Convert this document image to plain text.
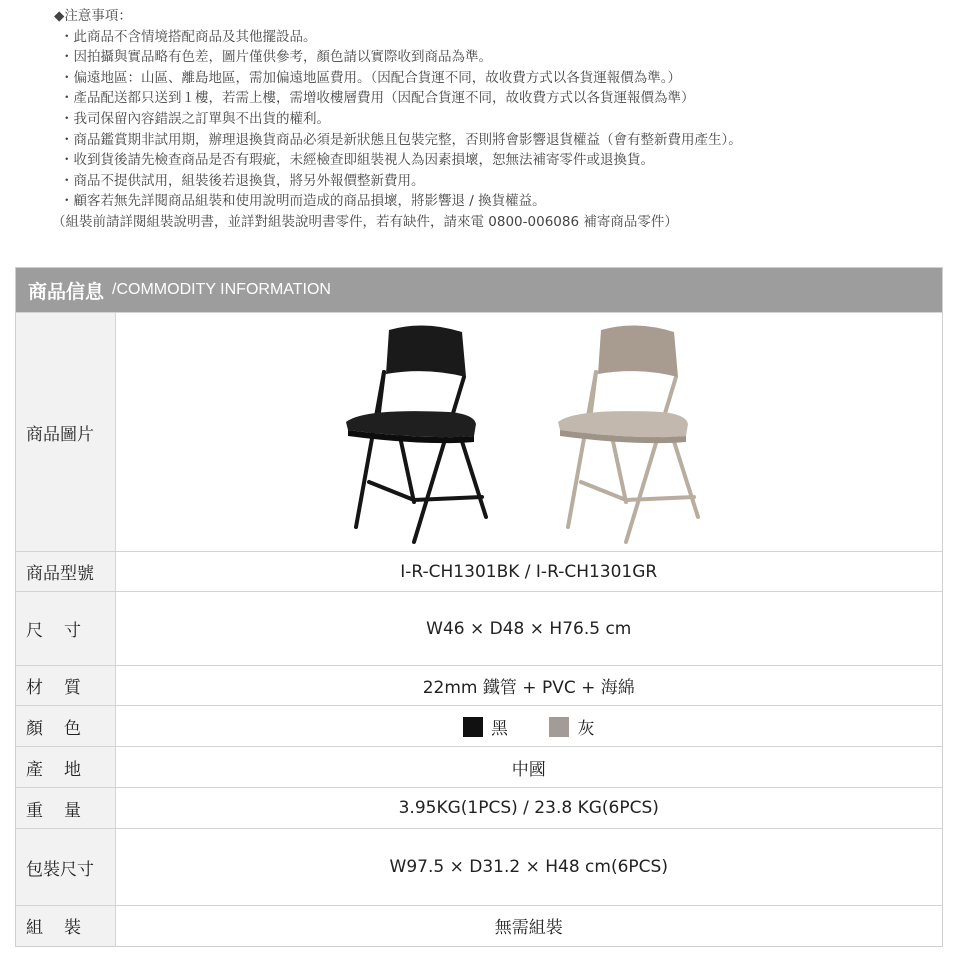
◆注意事項：
・ 此商品不含情境搭配商品及其他擺設品。
・ 因拍攝與實品略有色差，圖片僅供參考，顏色請以實際收到商品為準。
・ 偏遠地區：山區、離島地區，需加偏遠地區費用。（因配合貨運不同，故收費方式以各貨運報價為準。）
・ 產品配送都只送到１樓，若需上樓，需增收樓層費用（因配合貨運不同，故收費方式以各貨運報價為準）
・ 我司保留內容錯誤之訂單與不出貨的權利。
・ 商品鑑賞期非試用期，辦理退換貨商品必須是新狀態且包裝完整，否則將會影響退貨權益（會有整新費用產生）。
・ 收到貨後請先檢查商品是否有瑕疵，未經檢查即組裝視人為因素損壞，恕無法補寄零件或退換貨。
・ 商品不提供試用，組裝後若退換貨，將另外報價整新費用。
・ 顧客若無先詳閱商品組裝和使用說明而造成的商品損壞，將影響退 / 換貨權益。
（組裝前請詳閱組裝說明書，並詳對組裝說明書零件，若有缺件，請來電 0800-006086 補寄商品零件）
商品信息 /COMMODITY INFORMATION
商品圖片	

商品型號	I-R-CH1301BK / I-R-CH1301GR

尺 寸	W46 × D48 × H76.5 cm

材 質	22mm 鐵管 + PVC + 海綿

顏 色	黑 灰

產 地	中國

重 量	3.95KG(1PCS) / 23.8 KG(6PCS)
包裝尺寸	W97.5 × D31.2 × H48 cm(6PCS)

組 裝	無需組裝
